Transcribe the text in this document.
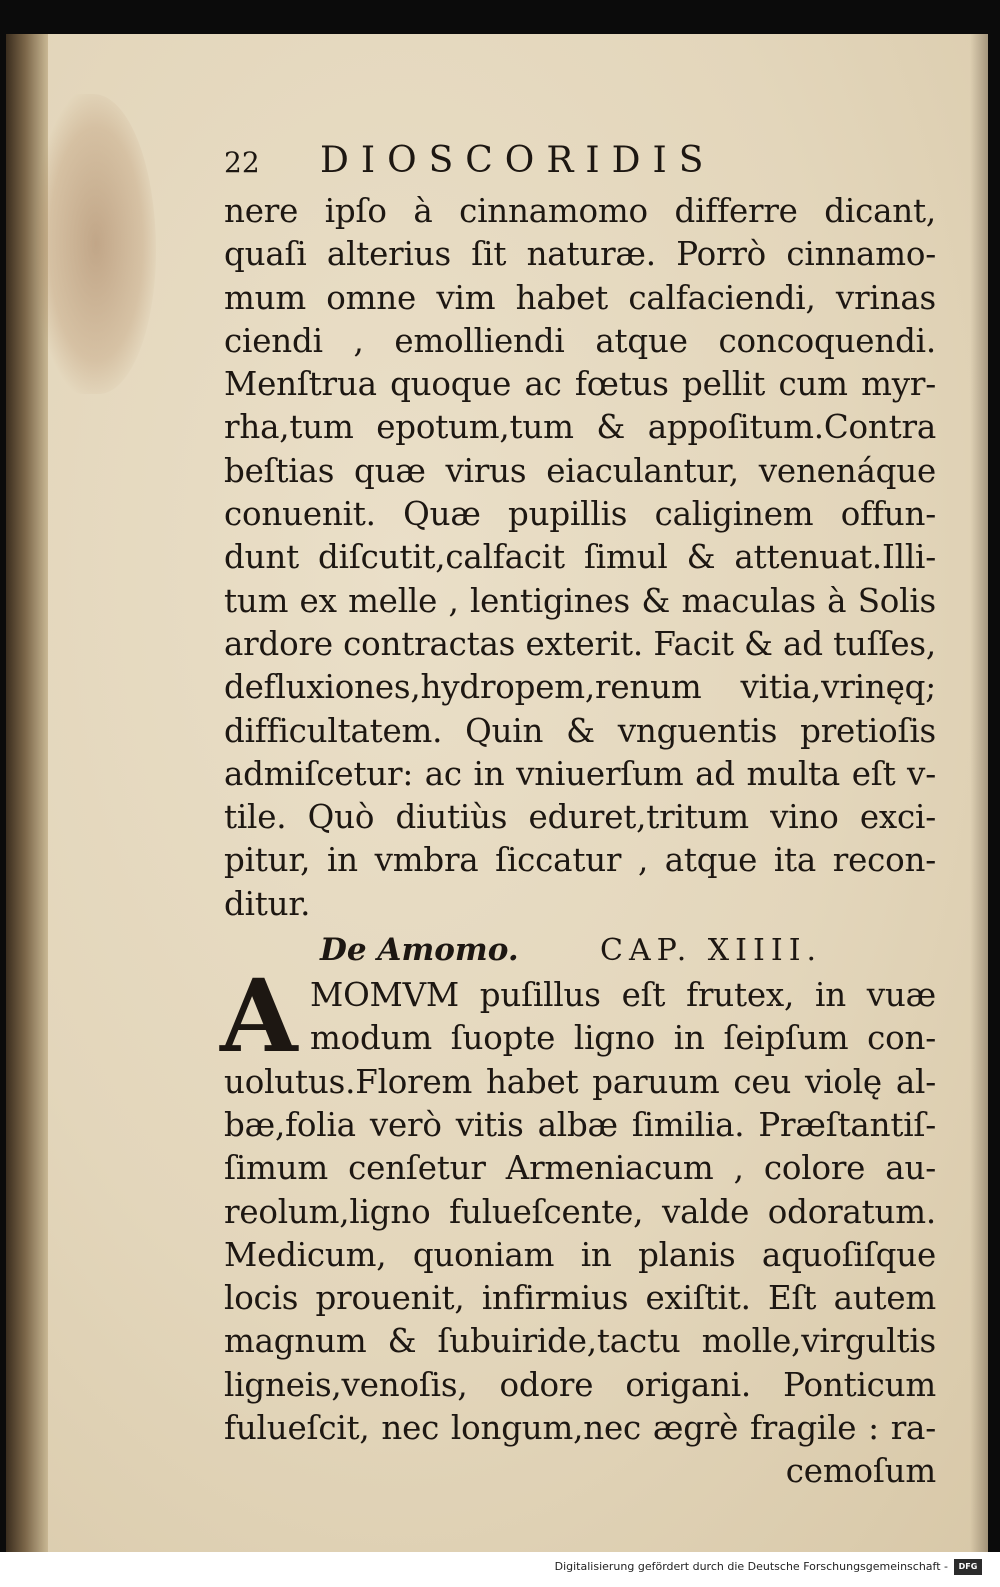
22	DIOSCORIDIS
nere ipſo à cinnamomo differre dicant,
quaſi alterius ſit naturæ. Porrò cinnamo-
mum omne vim habet calfaciendi, vrinas
ciendi , emolliendi atque concoquendi.
Menſtrua quoque ac fœtus pellit cum myr-
rha,tum epotum,tum & appoſitum.Contra
beſtias quæ virus eiaculantur, venenáque
conuenit. Quæ pupillis caliginem offun-
dunt diſcutit,calfacit ſimul & attenuat.Illi-
tum ex melle , lentigines & maculas à Solis
ardore contractas exterit. Facit & ad tuſſes,
defluxiones,hydropem,renum vitia,vrinęq;
difficultatem. Quin & vnguentis pretioſis
admiſcetur: ac in vniuerſum ad multa eſt v-
tile. Quò diutiùs eduret,tritum vino exci-
pitur, in vmbra ſiccatur , atque ita recon-
ditur.
De Amomo.	CAP. XIIII.
A MOMVM puſillus eſt frutex, in vuæ
modum ſuopte ligno in ſeipſum con-
uolutus.Florem habet paruum ceu violę al-
bæ,folia verò vitis albæ ſimilia. Præſtantiſ-
ſimum cenſetur Armeniacum , colore au-
reolum,ligno fulueſcente, valde odoratum.
Medicum, quoniam in planis aquoſiſque
locis prouenit, infirmius exiſtit. Eſt autem
magnum & ſubuiride,tactu molle,virgultis
ligneis,venoſis, odore origani. Ponticum
fulueſcit, nec longum,nec ægrè fragile : ra-
cemoſum
Digitalisierung gefördert durch die Deutsche Forschungsgemeinschaft -	DFG
